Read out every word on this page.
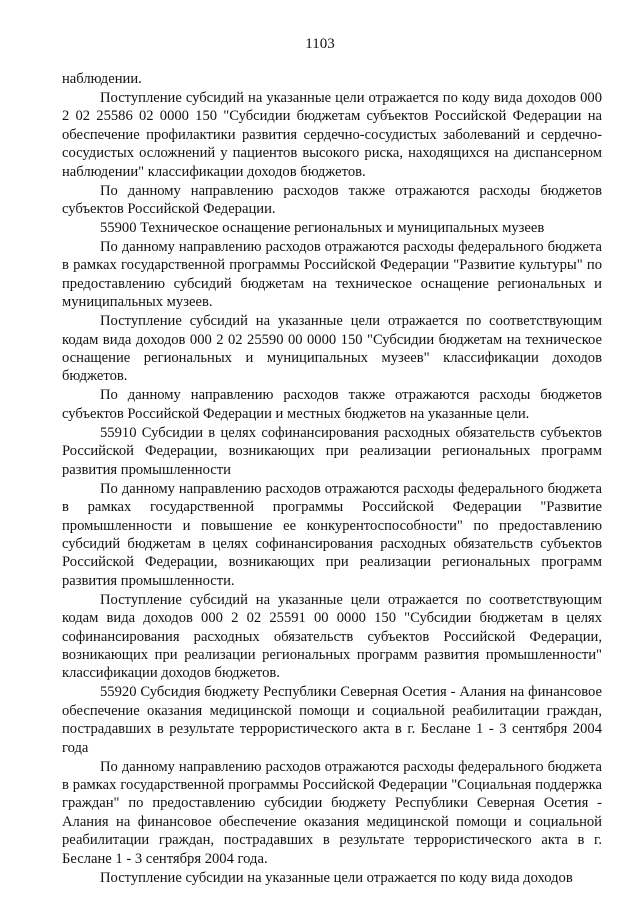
1103

наблюдении.

Поступление субсидий на указанные цели отражается по коду вида доходов 000 2 02 25586 02 0000 150 "Субсидии бюджетам субъектов Российской Федерации на обеспечение профилактики развития сердечно-сосудистых заболеваний и сердечно-сосудистых осложнений у пациентов высокого риска, находящихся на диспансерном наблюдении" классификации доходов бюджетов.

По данному направлению расходов также отражаются расходы бюджетов субъектов Российской Федерации.

55900 Техническое оснащение региональных и муниципальных музеев

По данному направлению расходов отражаются расходы федерального бюджета в рамках государственной программы Российской Федерации "Развитие культуры" по предоставлению субсидий бюджетам на техническое оснащение региональных и муниципальных музеев.

Поступление субсидий на указанные цели отражается по соответствующим кодам вида доходов 000 2 02 25590 00 0000 150 "Субсидии бюджетам на техническое оснащение региональных и муниципальных музеев" классификации доходов бюджетов.

По данному направлению расходов также отражаются расходы бюджетов субъектов Российской Федерации и местных бюджетов на указанные цели.

55910 Субсидии в целях софинансирования расходных обязательств субъектов Российской Федерации, возникающих при реализации региональных программ развития промышленности

По данному направлению расходов отражаются расходы федерального бюджета в рамках государственной программы Российской Федерации "Развитие промышленности и повышение ее конкурентоспособности" по предоставлению субсидий бюджетам в целях софинансирования расходных обязательств субъектов Российской Федерации, возникающих при реализации региональных программ развития промышленности.

Поступление субсидий на указанные цели отражается по соответствующим кодам вида доходов 000 2 02 25591 00 0000 150 "Субсидии бюджетам в целях софинансирования расходных обязательств субъектов Российской Федерации, возникающих при реализации региональных программ развития промышленности" классификации доходов бюджетов.

55920 Субсидия бюджету Республики Северная Осетия - Алания на финансовое обеспечение оказания медицинской помощи и социальной реабилитации граждан, пострадавших в результате террористического акта в г. Беслане 1 - 3 сентября 2004 года

По данному направлению расходов отражаются расходы федерального бюджета в рамках государственной программы Российской Федерации "Социальная поддержка граждан" по предоставлению субсидии бюджету Республики Северная Осетия - Алания на финансовое обеспечение оказания медицинской помощи и социальной реабилитации граждан, пострадавших в результате террористического акта в г. Беслане 1 - 3 сентября 2004 года.

Поступление субсидии на указанные цели отражается по коду вида доходов
